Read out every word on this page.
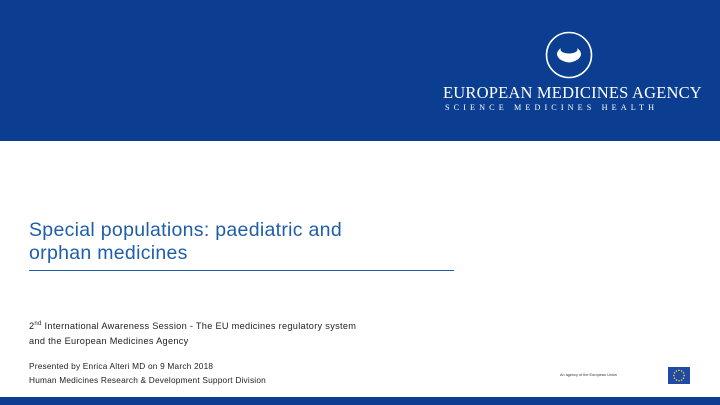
EUROPEAN MEDICINES AGENCY
SCIENCE MEDICINES HEALTH
Special populations: paediatric and
orphan medicines
2nd International Awareness Session - The EU medicines regulatory system
and the European Medicines Agency
Presented by Enrica Alteri MD on 9 March 2018
Human Medicines Research & Development Support Division	An agency of the European Union
